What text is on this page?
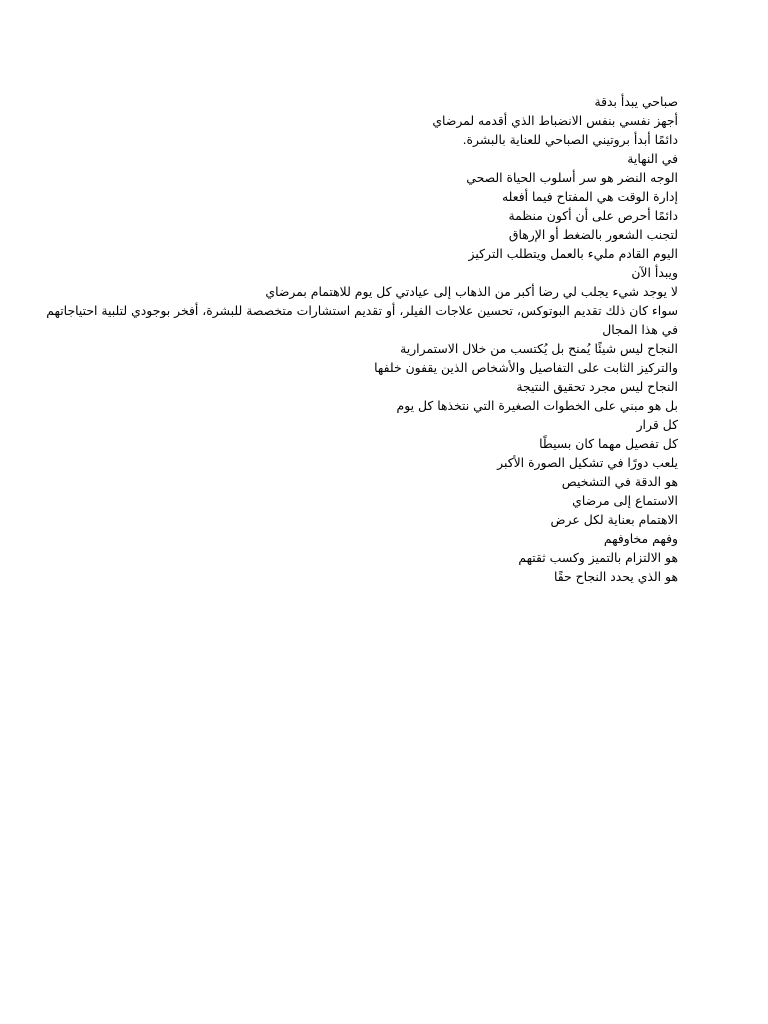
صباحي يبدأ بدقة
أجهز نفسي بنفس الانضباط الذي أقدمه لمرضاي
دائمًا أبدأ بروتيني الصباحي للعناية بالبشرة.
في النهاية
الوجه النضر هو سر أسلوب الحياة الصحي
إدارة الوقت هي المفتاح فيما أفعله
دائمًا أحرص على أن أكون منظمة
لتجنب الشعور بالضغط أو الإرهاق
اليوم القادم مليء بالعمل ويتطلب التركيز
ويبدأ الآن
لا يوجد شيء يجلب لي رضا أكبر من الذهاب إلى عيادتي كل يوم للاهتمام بمرضاي
سواء كان ذلك تقديم البوتوكس، تحسين علاجات الفيلر، أو تقديم استشارات متخصصة للبشرة، أفخر بوجودي لتلبية احتياجاتهم
في هذا المجال
النجاح ليس شيئًا يُمنح بل يُكتسب من خلال الاستمرارية
والتركيز الثابت على التفاصيل والأشخاص الذين يقفون خلفها
النجاح ليس مجرد تحقيق النتيجة
بل هو مبني على الخطوات الصغيرة التي نتخذها كل يوم
كل قرار
كل تفصيل مهما كان بسيطًا
يلعب دورًا في تشكيل الصورة الأكبر
هو الدقة في التشخيص
الاستماع إلى مرضاي
الاهتمام بعناية لكل عرض
وفهم مخاوفهم
هو الالتزام بالتميز وكسب ثقتهم
هو الذي يحدد النجاح حقًا
